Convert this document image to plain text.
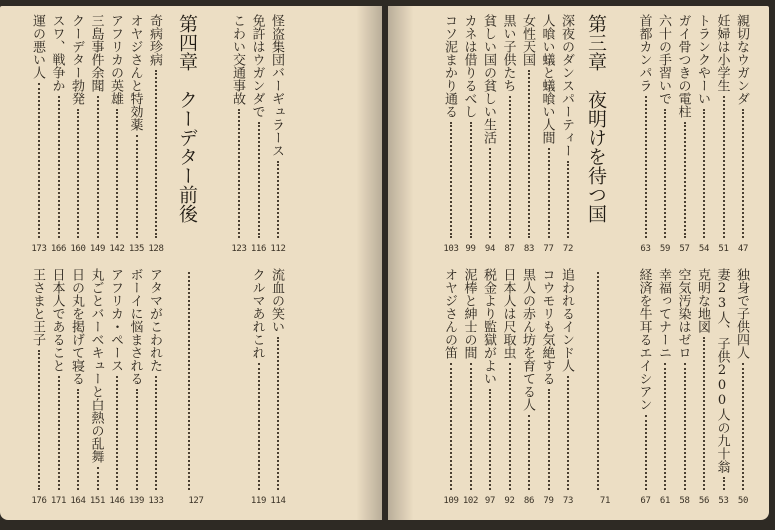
親切なウガンダ
47
妊婦は小学生
51
トランクやーい
54
ガイ骨つきの電柱
57
六十の手習いで
59
首都カンパラ
63
独身で子供四人
50
妻23人、子供200人の九十翁
53
克明な地図
56
空気汚染はゼロ
58
幸福ってナーニ
61
経済を牛耳るエイシアン
67
第三章　夜明けを待つ国
71
深夜のダンスパーティー
72
人喰い蟻と蟻喰い人間
77
女性天国
83
黒い子供たち
87
貧しい国の貧しい生活
94
カネは借りるべし
99
コソ泥まかり通る
103
追われるインド人
73
コウモリも気絶する
79
黒人の赤ん坊を育てる人
86
日本人は尺取虫
92
税金より監獄がよい
97
泥棒と紳士の間
102
オヤジさんの笛
109
怪盗集団バーギュラース
112
免許はウガンダで
116
こわい交通事故
123
流血の笑い
114
クルマあれこれ
119
第四章　クーデター前後
127
奇病珍病
128
オヤジさんと特効薬
135
アフリカの英雄
142
三島事件余聞
149
クーデター勃発
160
スワ、戦争か
166
運の悪い人
173
アタマがこわれた
133
ボーイに悩まされる
139
アフリカ・ペース
146
丸ごとバーベキューと白熱の乱舞
151
日の丸を掲げて寝る
164
日本人であること
171
王さまと王子
176
